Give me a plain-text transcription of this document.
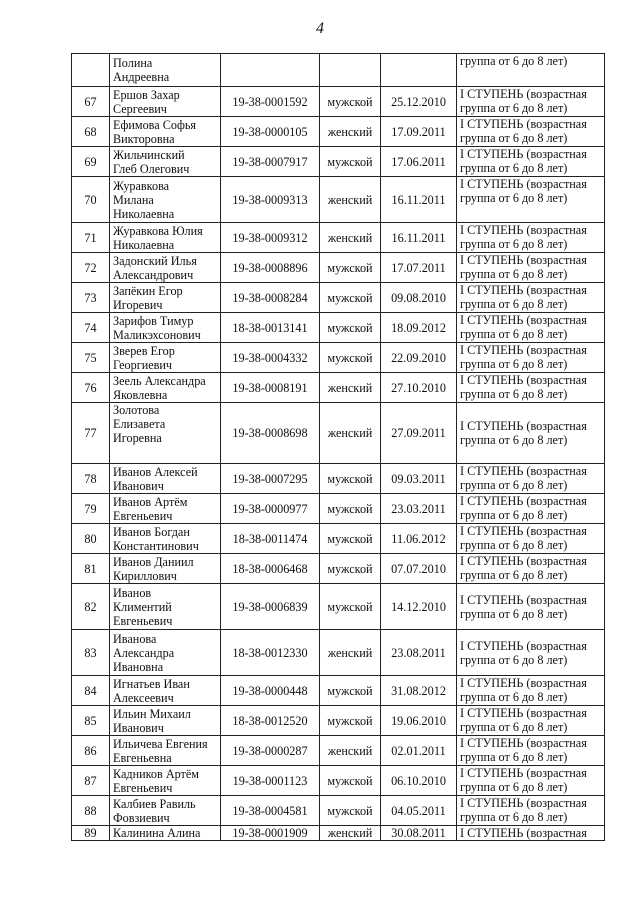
4
	Полина
Андреевна				группа от 6 до 8 лет)
67	Ершов Захар
Сергеевич	19-38-0001592	мужской	25.12.2010	I СТУПЕНЬ (возрастная
группа от 6 до 8 лет)
68	Ефимова Софья
Викторовна	19-38-0000105	женский	17.09.2011	I СТУПЕНЬ (возрастная
группа от 6 до 8 лет)
69	Жильчинский
Глеб Олегович	19-38-0007917	мужской	17.06.2011	I СТУПЕНЬ (возрастная
группа от 6 до 8 лет)
70	Журавкова
Милана
Николаевна	19-38-0009313	женский	16.11.2011	I СТУПЕНЬ (возрастная
группа от 6 до 8 лет)
71	Журавкова Юлия
Николаевна	19-38-0009312	женский	16.11.2011	I СТУПЕНЬ (возрастная
группа от 6 до 8 лет)
72	Задонский Илья
Александрович	19-38-0008896	мужской	17.07.2011	I СТУПЕНЬ (возрастная
группа от 6 до 8 лет)
73	Запёкин Егор
Игоревич	19-38-0008284	мужской	09.08.2010	I СТУПЕНЬ (возрастная
группа от 6 до 8 лет)
74	Зарифов Тимур
Маликэхсонович	18-38-0013141	мужской	18.09.2012	I СТУПЕНЬ (возрастная
группа от 6 до 8 лет)
75	Зверев Егор
Георгиевич	19-38-0004332	мужской	22.09.2010	I СТУПЕНЬ (возрастная
группа от 6 до 8 лет)
76	Зеель Александра
Яковлевна	19-38-0008191	женский	27.10.2010	I СТУПЕНЬ (возрастная
группа от 6 до 8 лет)
77	Золотова
Елизавета
Игоревна	19-38-0008698	женский	27.09.2011	I СТУПЕНЬ (возрастная
группа от 6 до 8 лет)
78	Иванов Алексей
Иванович	19-38-0007295	мужской	09.03.2011	I СТУПЕНЬ (возрастная
группа от 6 до 8 лет)
79	Иванов Артём
Евгеньевич	19-38-0000977	мужской	23.03.2011	I СТУПЕНЬ (возрастная
группа от 6 до 8 лет)
80	Иванов Богдан
Константинович	18-38-0011474	мужской	11.06.2012	I СТУПЕНЬ (возрастная
группа от 6 до 8 лет)
81	Иванов Даниил
Кириллович	18-38-0006468	мужской	07.07.2010	I СТУПЕНЬ (возрастная
группа от 6 до 8 лет)
82	Иванов
Климентий
Евгеньевич	19-38-0006839	мужской	14.12.2010	I СТУПЕНЬ (возрастная
группа от 6 до 8 лет)
83	Иванова
Александра
Ивановна	18-38-0012330	женский	23.08.2011	I СТУПЕНЬ (возрастная
группа от 6 до 8 лет)
84	Игнатьев Иван
Алексеевич	19-38-0000448	мужской	31.08.2012	I СТУПЕНЬ (возрастная
группа от 6 до 8 лет)
85	Ильин Михаил
Иванович	18-38-0012520	мужской	19.06.2010	I СТУПЕНЬ (возрастная
группа от 6 до 8 лет)
86	Ильичева Евгения
Евгеньевна	19-38-0000287	женский	02.01.2011	I СТУПЕНЬ (возрастная
группа от 6 до 8 лет)
87	Кадников Артём
Евгеньевич	19-38-0001123	мужской	06.10.2010	I СТУПЕНЬ (возрастная
группа от 6 до 8 лет)
88	Калбиев Равиль
Фовзиевич	19-38-0004581	мужской	04.05.2011	I СТУПЕНЬ (возрастная
группа от 6 до 8 лет)
89	Калинина Алина	19-38-0001909	женский	30.08.2011	I СТУПЕНЬ (возрастная
